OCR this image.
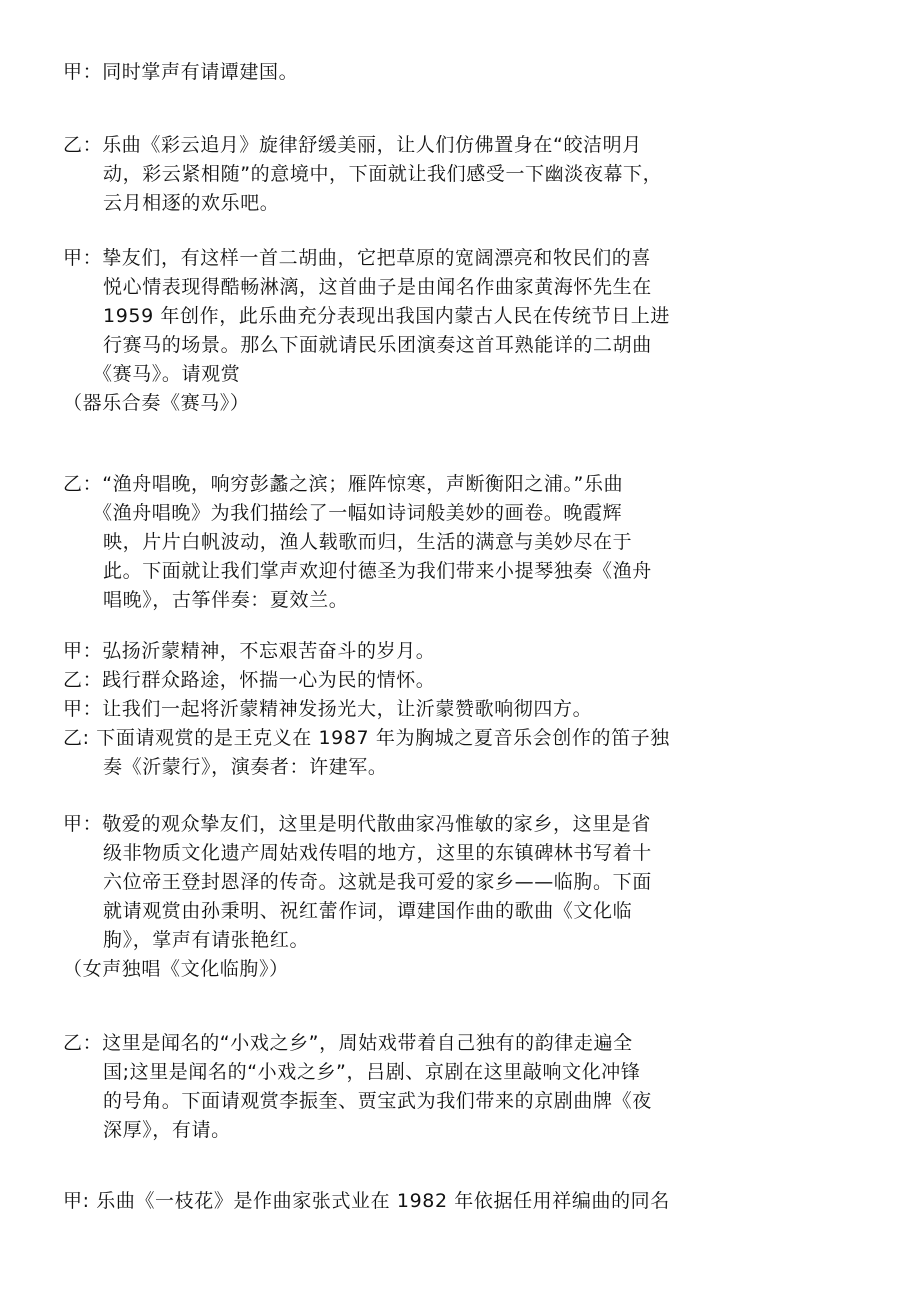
甲：同时掌声有请谭建国。
乙：乐曲《彩云追月》旋律舒缓美丽，让人们仿佛置身在“皎洁明月
动，彩云紧相随”的意境中，下面就让我们感受一下幽淡夜幕下，
云月相逐的欢乐吧。
甲：挚友们，有这样一首二胡曲，它把草原的宽阔漂亮和牧民们的喜
悦心情表现得酷畅淋漓，这首曲子是由闻名作曲家黄海怀先生在
1959 年创作，此乐曲充分表现出我国内蒙古人民在传统节日上进
行赛马的场景。那么下面就请民乐团演奏这首耳熟能详的二胡曲
《赛马》。请观赏
（器乐合奏《赛马》）
乙：“渔舟唱晚，响穷彭蠡之滨；雁阵惊寒，声断衡阳之浦。”乐曲
《渔舟唱晚》为我们描绘了一幅如诗词般美妙的画卷。晚霞辉
映，片片白帆波动，渔人载歌而归，生活的满意与美妙尽在于
此。下面就让我们掌声欢迎付德圣为我们带来小提琴独奏《渔舟
唱晚》，古筝伴奏：夏效兰。
甲：弘扬沂蒙精神，不忘艰苦奋斗的岁月。
乙：践行群众路途，怀揣一心为民的情怀。
甲：让我们一起将沂蒙精神发扬光大，让沂蒙赞歌响彻四方。
乙: 下面请观赏的是王克义在 1987 年为胸城之夏音乐会创作的笛子独
奏《沂蒙行》，演奏者：许建军。
甲：敬爱的观众挚友们，这里是明代散曲家冯惟敏的家乡，这里是省
级非物质文化遗产周姑戏传唱的地方，这里的东镇碑林书写着十
六位帝王登封恩泽的传奇。这就是我可爱的家乡——临朐。下面
就请观赏由孙秉明、祝红蕾作词，谭建国作曲的歌曲《文化临
朐》，掌声有请张艳红。
（女声独唱《文化临朐》）
乙：这里是闻名的“小戏之乡”，周姑戏带着自己独有的韵律走遍全
国;这里是闻名的“小戏之乡”，吕剧、京剧在这里敲响文化冲锋
的号角。下面请观赏李振奎、贾宝武为我们带来的京剧曲牌《夜
深厚》，有请。
甲: 乐曲《一枝花》是作曲家张式业在 1982 年依据任用祥编曲的同名
